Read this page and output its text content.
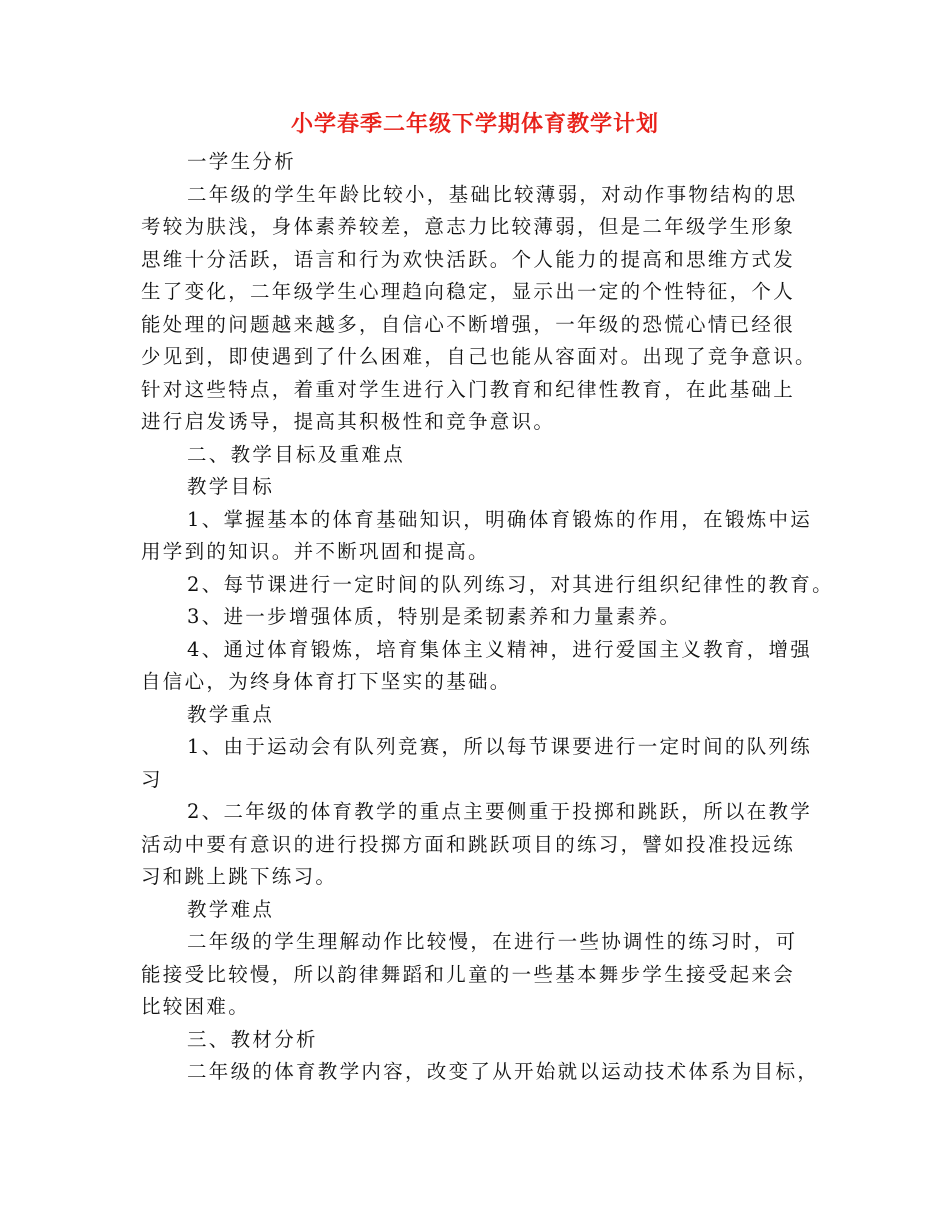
小学春季二年级下学期体育教学计划
一学生分析
二年级的学生年龄比较小，基础比较薄弱，对动作事物结构的思
考较为肤浅，身体素养较差，意志力比较薄弱，但是二年级学生形象
思维十分活跃，语言和行为欢快活跃。个人能力的提高和思维方式发
生了变化，二年级学生心理趋向稳定，显示出一定的个性特征，个人
能处理的问题越来越多，自信心不断增强，一年级的恐慌心情已经很
少见到，即使遇到了什么困难，自己也能从容面对。出现了竞争意识。
针对这些特点，着重对学生进行入门教育和纪律性教育，在此基础上
进行启发诱导，提高其积极性和竞争意识。
二、教学目标及重难点
教学目标
1、掌握基本的体育基础知识，明确体育锻炼的作用，在锻炼中运
用学到的知识。并不断巩固和提高。
2、每节课进行一定时间的队列练习，对其进行组织纪律性的教育。
3、进一步增强体质，特别是柔韧素养和力量素养。
4、通过体育锻炼，培育集体主义精神，进行爱国主义教育，增强
自信心，为终身体育打下坚实的基础。
教学重点
1、由于运动会有队列竞赛，所以每节课要进行一定时间的队列练
习
2、二年级的体育教学的重点主要侧重于投掷和跳跃，所以在教学
活动中要有意识的进行投掷方面和跳跃项目的练习，譬如投准投远练
习和跳上跳下练习。
教学难点
二年级的学生理解动作比较慢，在进行一些协调性的练习时，可
能接受比较慢，所以韵律舞蹈和儿童的一些基本舞步学生接受起来会
比较困难。
三、教材分析
二年级的体育教学内容，改变了从开始就以运动技术体系为目标，
